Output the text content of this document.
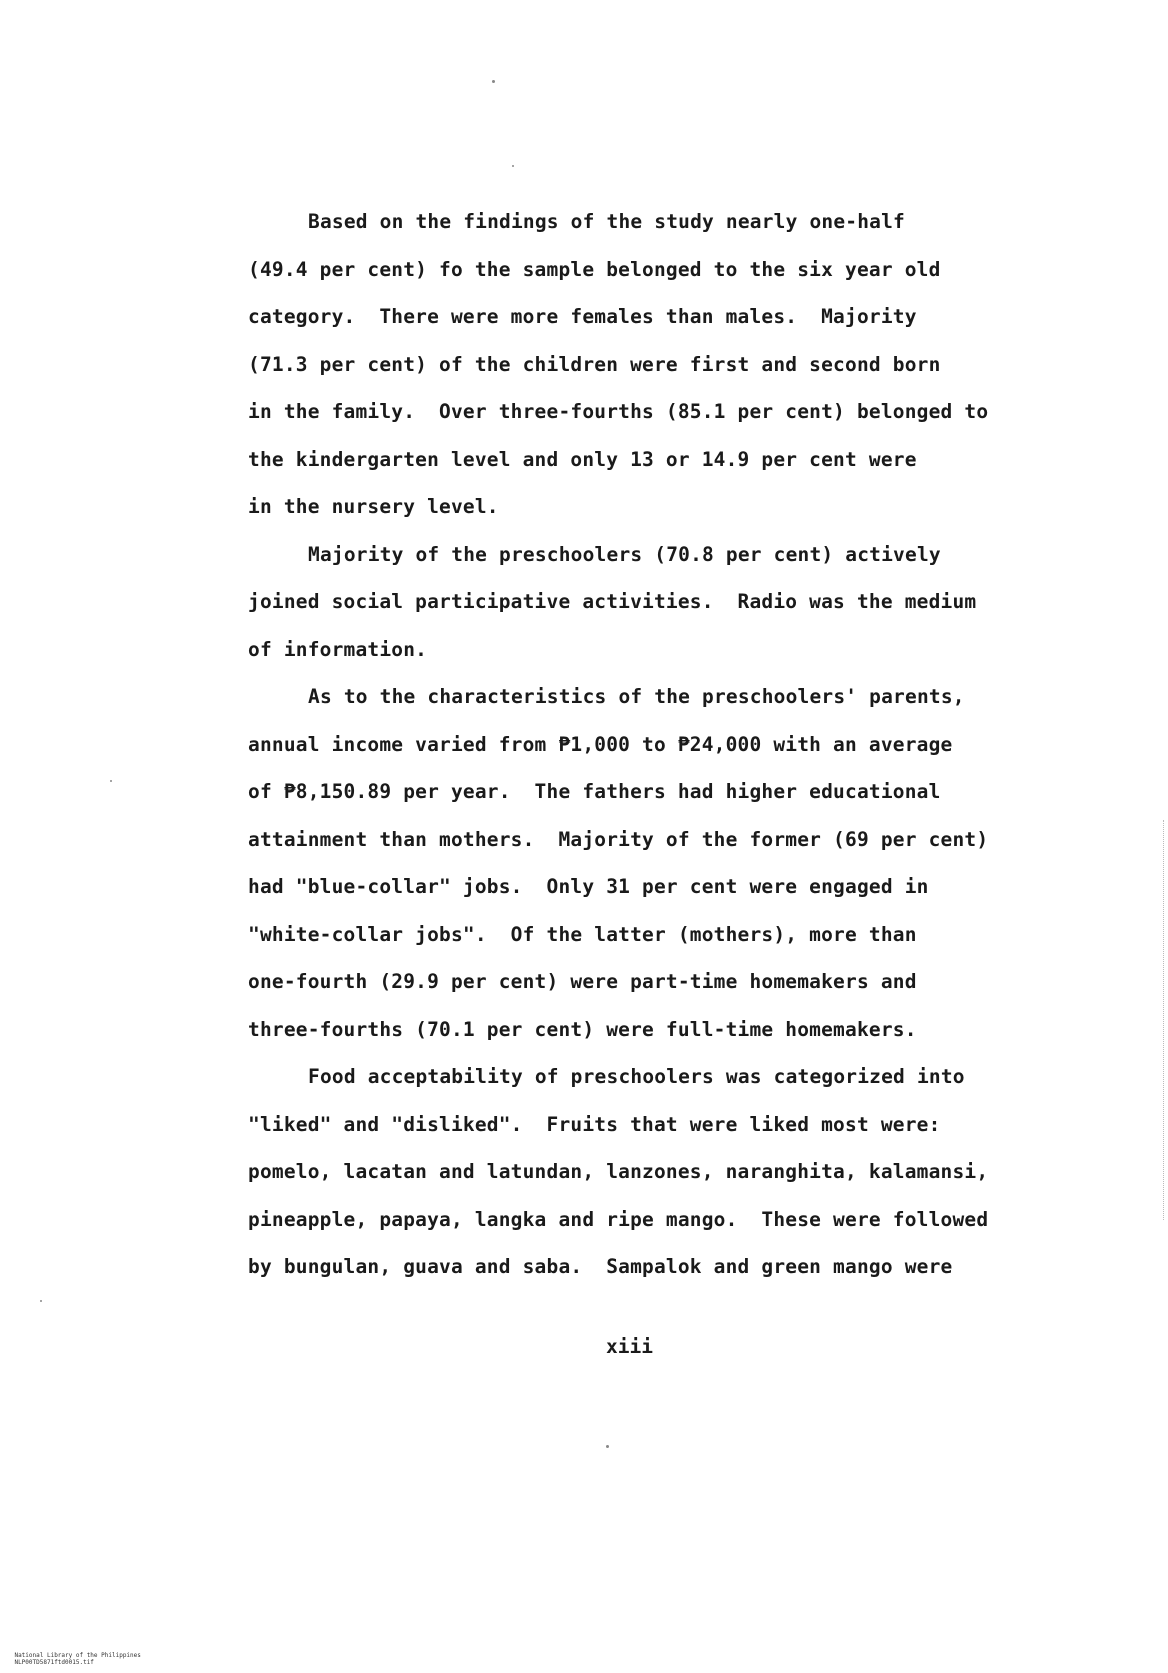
Based on the findings of the study nearly one-half
(49.4 per cent) fo the sample belonged to the six year old
category.  There were more females than males.  Majority
(71.3 per cent) of the children were first and second born
in the family.  Over three-fourths (85.1 per cent) belonged to
the kindergarten level and only 13 or 14.9 per cent were
in the nursery level.
Majority of the preschoolers (70.8 per cent) actively
joined social participative activities.  Radio was the medium
of information.
As to the characteristics of the preschoolers' parents,
annual income varied from ₱1,000 to ₱24,000 with an average
of ₱8,150.89 per year.  The fathers had higher educational
attainment than mothers.  Majority of the former (69 per cent)
had "blue-collar" jobs.  Only 31 per cent were engaged in
"white-collar jobs".  Of the latter (mothers), more than
one-fourth (29.9 per cent) were part-time homemakers and
three-fourths (70.1 per cent) were full-time homemakers.
Food acceptability of preschoolers was categorized into
"liked" and "disliked".  Fruits that were liked most were:
pomelo, lacatan and latundan, lanzones, naranghita, kalamansi,
pineapple, papaya, langka and ripe mango.  These were followed
by bungulan, guava and saba.  Sampalok and green mango were
xiii

National Library of the Philippines
NLP00TD5871ftd0015.tif
